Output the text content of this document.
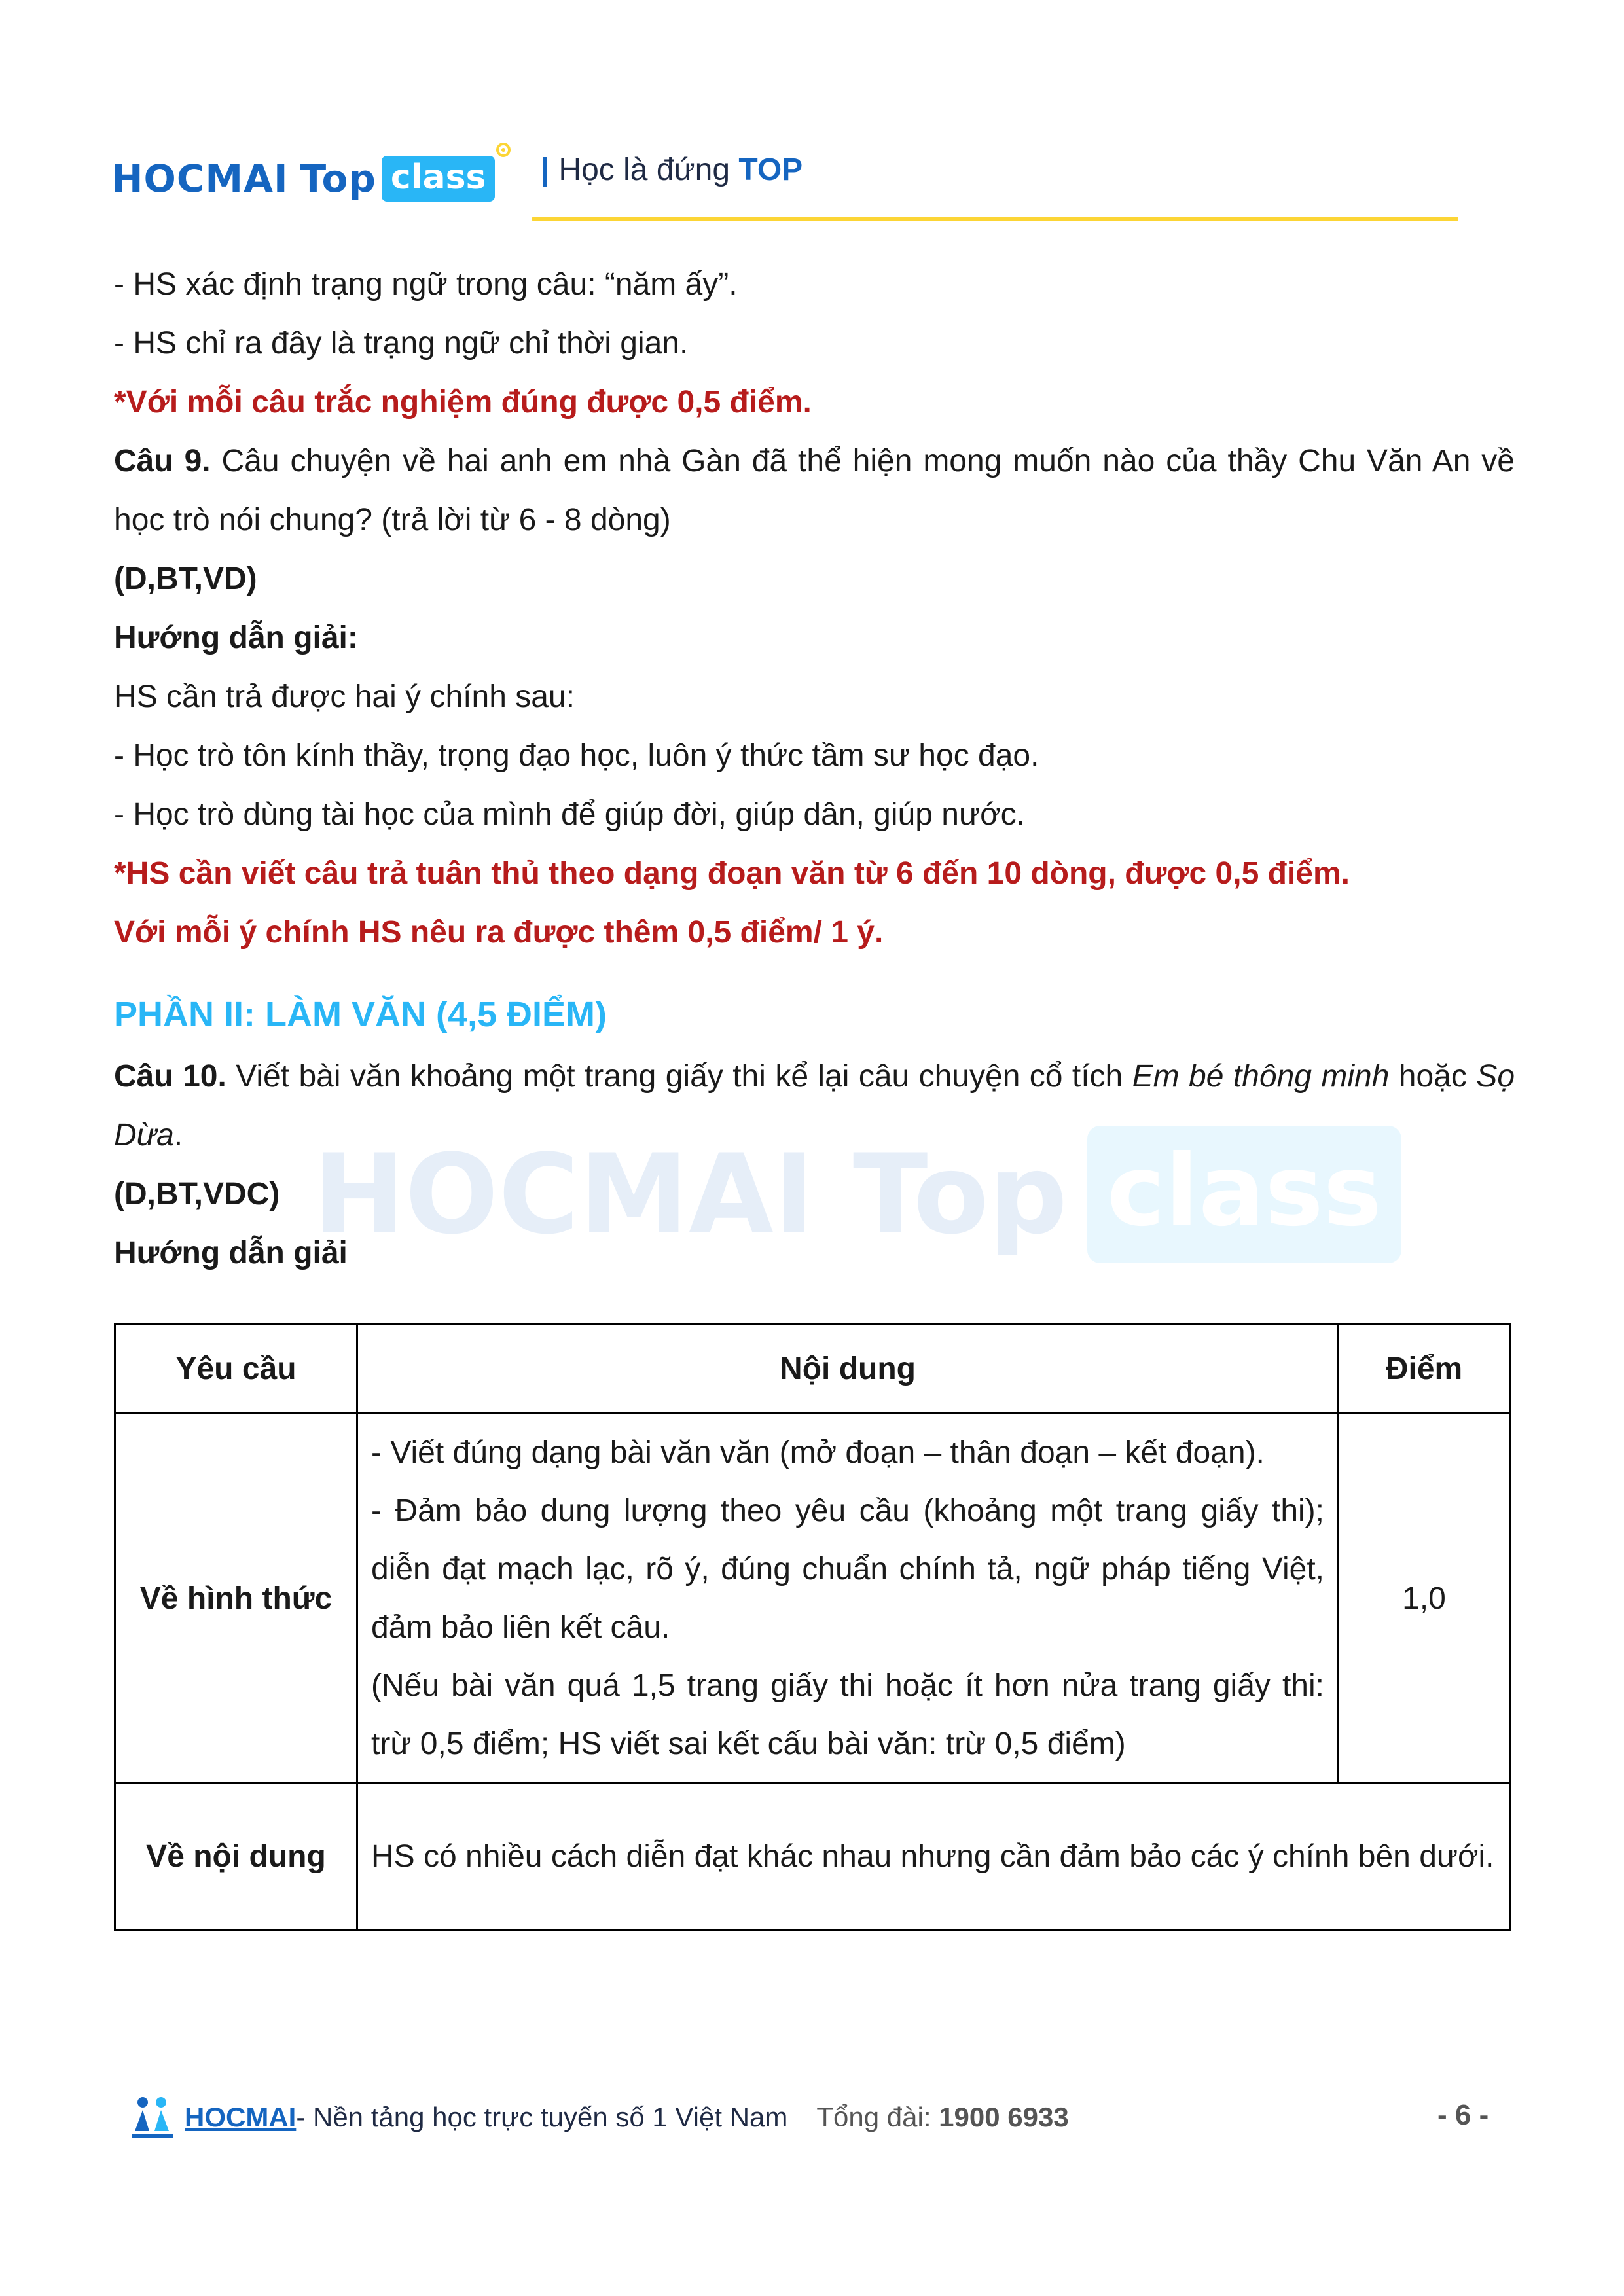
HOCMAI Top class | Học là đứng TOP
HOCMAI Top class
- HS xác định trạng ngữ trong câu: “năm ấy”.
- HS chỉ ra đây là trạng ngữ chỉ thời gian.
*Với mỗi câu trắc nghiệm đúng được 0,5 điểm.
Câu 9. Câu chuyện về hai anh em nhà Gàn đã thể hiện mong muốn nào của thầy Chu Văn An về học trò nói chung? (trả lời từ 6 - 8 dòng)
(D,BT,VD)
Hướng dẫn giải:
HS cần trả được hai ý chính sau:
- Học trò tôn kính thầy, trọng đạo học, luôn ý thức tầm sư học đạo.
- Học trò dùng tài học của mình để giúp đời, giúp dân, giúp nước.
*HS cần viết câu trả tuân thủ theo dạng đoạn văn từ 6 đến 10 dòng, được 0,5 điểm.
Với mỗi ý chính HS nêu ra được thêm 0,5 điểm/ 1 ý.
PHẦN II: LÀM VĂN (4,5 ĐIỂM)
Câu 10. Viết bài văn khoảng một trang giấy thi kể lại câu chuyện cổ tích Em bé thông minh hoặc Sọ Dừa.
(D,BT,VDC)
Hướng dẫn giải
Yêu cầu	Nội dung	Điểm
Về hình thức	- Viết đúng dạng bài văn văn (mở đoạn – thân đoạn – kết đoạn).
- Đảm bảo dung lượng theo yêu cầu (khoảng một trang giấy thi); diễn đạt mạch lạc, rõ ý, đúng chuẩn chính tả, ngữ pháp tiếng Việt, đảm bảo liên kết câu.
(Nếu bài văn quá 1,5 trang giấy thi hoặc ít hơn nửa trang giấy thi: trừ 0,5 điểm; HS viết sai kết cấu bài văn: trừ 0,5 điểm)	1,0
Về nội dung	HS có nhiều cách diễn đạt khác nhau nhưng cần đảm bảo các ý chính bên dưới.	
HOCMAI - Nền tảng học trực tuyến số 1 Việt Nam Tổng đài: 1900 6933	- 6 -
